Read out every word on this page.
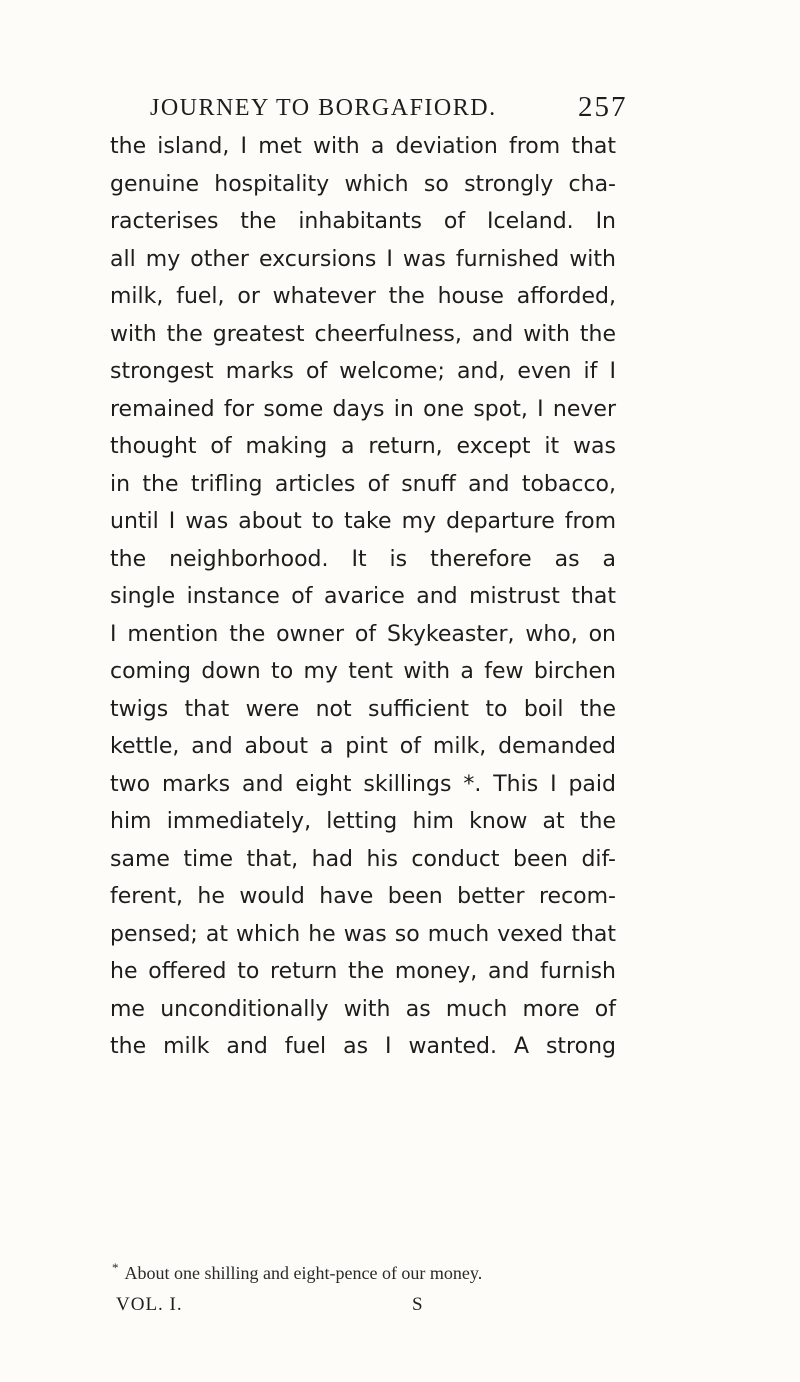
JOURNEY TO BORGAFIORD.	257
the island, I met with a deviation from that
genuine hospitality which so strongly cha-
racterises the inhabitants of Iceland. In
all my other excursions I was furnished with
milk, fuel, or whatever the house afforded,
with the greatest cheerfulness, and with the
strongest marks of welcome; and, even if I
remained for some days in one spot, I never
thought of making a return, except it was
in the trifling articles of snuff and tobacco,
until I was about to take my departure from
the neighborhood. It is therefore as a
single instance of avarice and mistrust that
I mention the owner of Skykeaster, who, on
coming down to my tent with a few birchen
twigs that were not sufficient to boil the
kettle, and about a pint of milk, demanded
two marks and eight skillings *. This I paid
him immediately, letting him know at the
same time that, had his conduct been dif-
ferent, he would have been better recom-
pensed; at which he was so much vexed that
he offered to return the money, and furnish
me unconditionally with as much more of
the milk and fuel as I wanted. A strong
* About one shilling and eight-pence of our money.
VOL. I.	S
